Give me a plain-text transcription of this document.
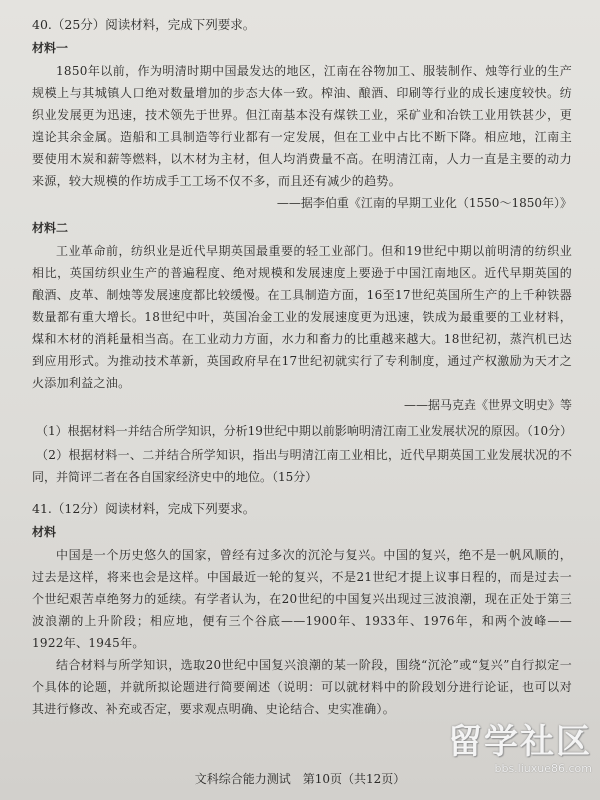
40.（25分）阅读材料，完成下列要求。

材料一

1850年以前，作为明清时期中国最发达的地区，江南在谷物加工、服装制作、烛等行业的生产规模上与其城镇人口绝对数量增加的步态大体一致。榨油、酿酒、印刷等行业的成长速度较快。纺织业发展更为迅速，技术领先于世界。但江南基本没有煤铁工业，采矿业和冶铁工业用铁甚少，更遑论其余金属。造船和工具制造等行业都有一定发展，但在工业中占比不断下降。相应地，江南主要使用木炭和薪等燃料，以木材为主材，但人均消费量不高。在明清江南，人力一直是主要的动力来源，较大规模的作坊成手工工场不仅不多，而且还有减少的趋势。

——据李伯重《江南的早期工业化（1550～1850年）》

材料二

工业革命前，纺织业是近代早期英国最重要的轻工业部门。但和19世纪中期以前明清的纺织业相比，英国纺织业生产的普遍程度、绝对规模和发展速度上要逊于中国江南地区。近代早期英国的酿酒、皮革、制烛等发展速度都比较缓慢。在工具制造方面，16至17世纪英国所生产的上千种铁器数量都有重大增长。18世纪中叶，英国冶金工业的发展速度更为迅速，铁成为最重要的工业材料，煤和木材的消耗量相当高。在工业动力方面，水力和畜力的比重越来越大。18世纪初，蒸汽机已达到应用形式。为推动技术革新，英国政府早在17世纪初就实行了专利制度，通过产权激励为天才之火添加利益之油。

——据马克垚《世界文明史》等

（1）根据材料一并结合所学知识，分析19世纪中期以前影响明清江南工业发展状况的原因。（10分）

（2）根据材料一、二并结合所学知识，指出与明清江南工业相比，近代早期英国工业发展状况的不同，并简评二者在各自国家经济史中的地位。（15分）

41.（12分）阅读材料，完成下列要求。

材料

中国是一个历史悠久的国家，曾经有过多次的沉沦与复兴。中国的复兴，绝不是一帆风顺的，过去是这样，将来也会是这样。中国最近一轮的复兴，不是21世纪才提上议事日程的，而是过去一个世纪艰苦卓绝努力的延续。有学者认为，在20世纪的中国复兴出现过三波浪潮，现在正处于第三波浪潮的上升阶段；相应地，便有三个谷底——1900年、1933年、1976年，和两个波峰——1922年、1945年。

结合材料与所学知识，选取20世纪中国复兴浪潮的某一阶段，围绕“沉沦”或“复兴”自行拟定一个具体的论题，并就所拟论题进行简要阐述（说明：可以就材料中的阶段划分进行论证，也可以对其进行修改、补充或否定，要求观点明确、史论结合、史实准确）。

文科综合能力测试　第10页（共12页）
留学社区
bbs.liuxue86.com
